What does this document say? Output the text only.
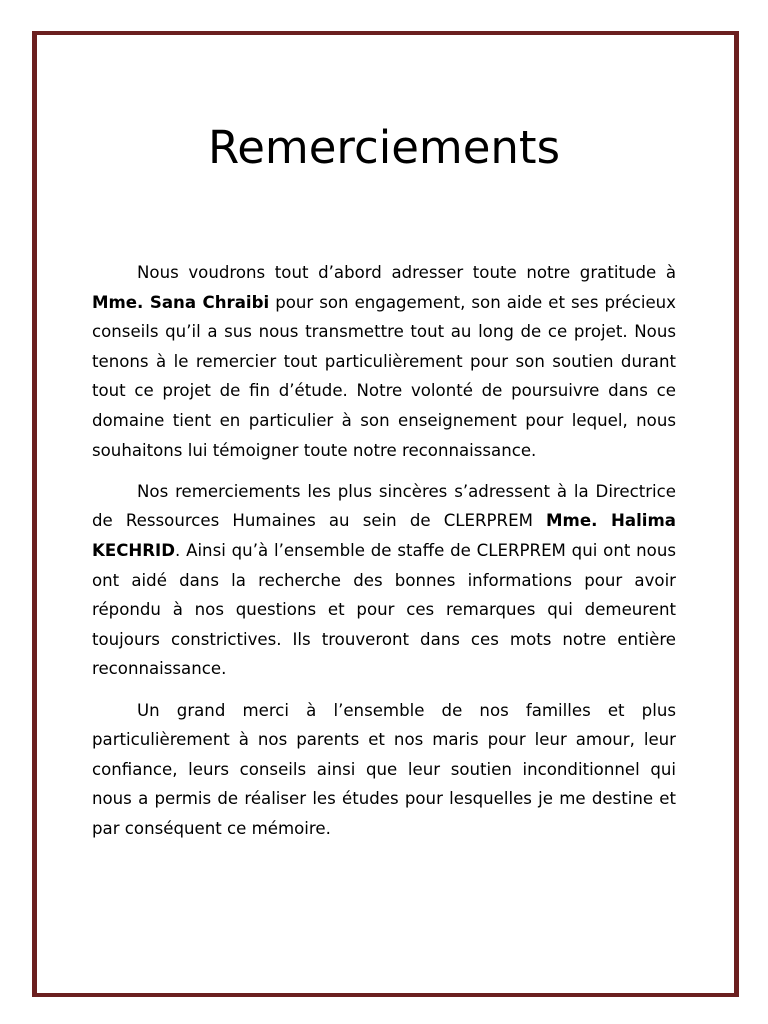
Remerciements

Nous voudrons tout d’abord adresser toute notre gratitude à Mme. Sana Chraibi pour son engagement, son aide et ses précieux conseils qu’il a sus nous transmettre tout au long de ce projet. Nous tenons à le remercier tout particulièrement pour son soutien durant tout ce projet de fin d’étude. Notre volonté de poursuivre dans ce domaine tient en particulier à son enseignement pour lequel, nous souhaitons lui témoigner toute notre reconnaissance.

Nos remerciements les plus sincères s’adressent à la Directrice de Ressources Humaines au sein de CLERPREM Mme. Halima KECHRID. Ainsi qu’à l’ensemble de staffe de CLERPREM qui ont nous ont aidé dans la recherche des bonnes informations pour avoir répondu à nos questions et pour ces remarques qui demeurent toujours constrictives. Ils trouveront dans ces mots notre entière reconnaissance.

Un grand merci à l’ensemble de nos familles et plus particulièrement à nos parents et nos maris pour leur amour, leur confiance, leurs conseils ainsi que leur soutien inconditionnel qui nous a permis de réaliser les études pour lesquelles je me destine et par conséquent ce mémoire.
